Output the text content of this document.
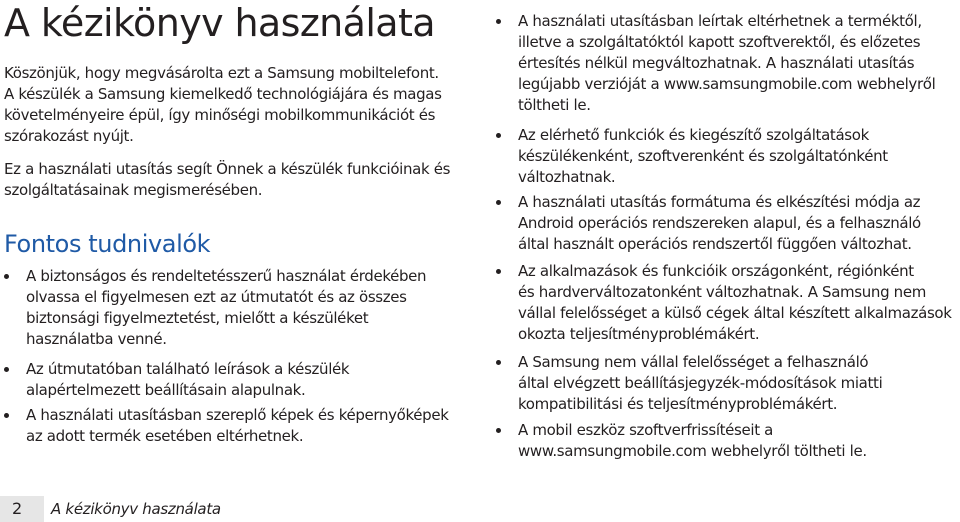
A kézikönyv használata

Köszönjük, hogy megvásárolta ezt a Samsung mobiltelefont.
A készülék a Samsung kiemelkedő technológiájára és magas
követelményeire épül, így minőségi mobilkommunikációt és
szórakozást nyújt.

Ez a használati utasítás segít Önnek a készülék funkcióinak és
szolgáltatásainak megismerésében.

Fontos tudnivalók
A biztonságos és rendeltetésszerű használat érdekében
olvassa el figyelmesen ezt az útmutatót és az összes
biztonsági figyelmeztetést, mielőtt a készüléket
használatba venné.
Az útmutatóban található leírások a készülék
alapértelmezett beállításain alapulnak.
A használati utasításban szereplő képek és képernyőképek
az adott termék esetében eltérhetnek.
A használati utasításban leírtak eltérhetnek a terméktől,
illetve a szolgáltatóktól kapott szoftverektől, és előzetes
értesítés nélkül megváltozhatnak. A használati utasítás
legújabb verzióját a www.samsungmobile.com webhelyről
töltheti le.
Az elérhető funkciók és kiegészítő szolgáltatások
készülékenként, szoftverenként és szolgáltatónként
változhatnak.
A használati utasítás formátuma és elkészítési módja az
Android operációs rendszereken alapul, és a felhasználó
által használt operációs rendszertől függően változhat.
Az alkalmazások és funkcióik országonként, régiónként
és hardverváltozatonként változhatnak. A Samsung nem
vállal felelősséget a külső cégek által készített alkalmazások
okozta teljesítményproblémákért.
A Samsung nem vállal felelősséget a felhasználó
által elvégzett beállításjegyzék-módosítások miatti
kompatibilitási és teljesítményproblémákért.
A mobil eszköz szoftverfrissítéseit a
www.samsungmobile.com webhelyről töltheti le.
2	A kézikönyv használata
